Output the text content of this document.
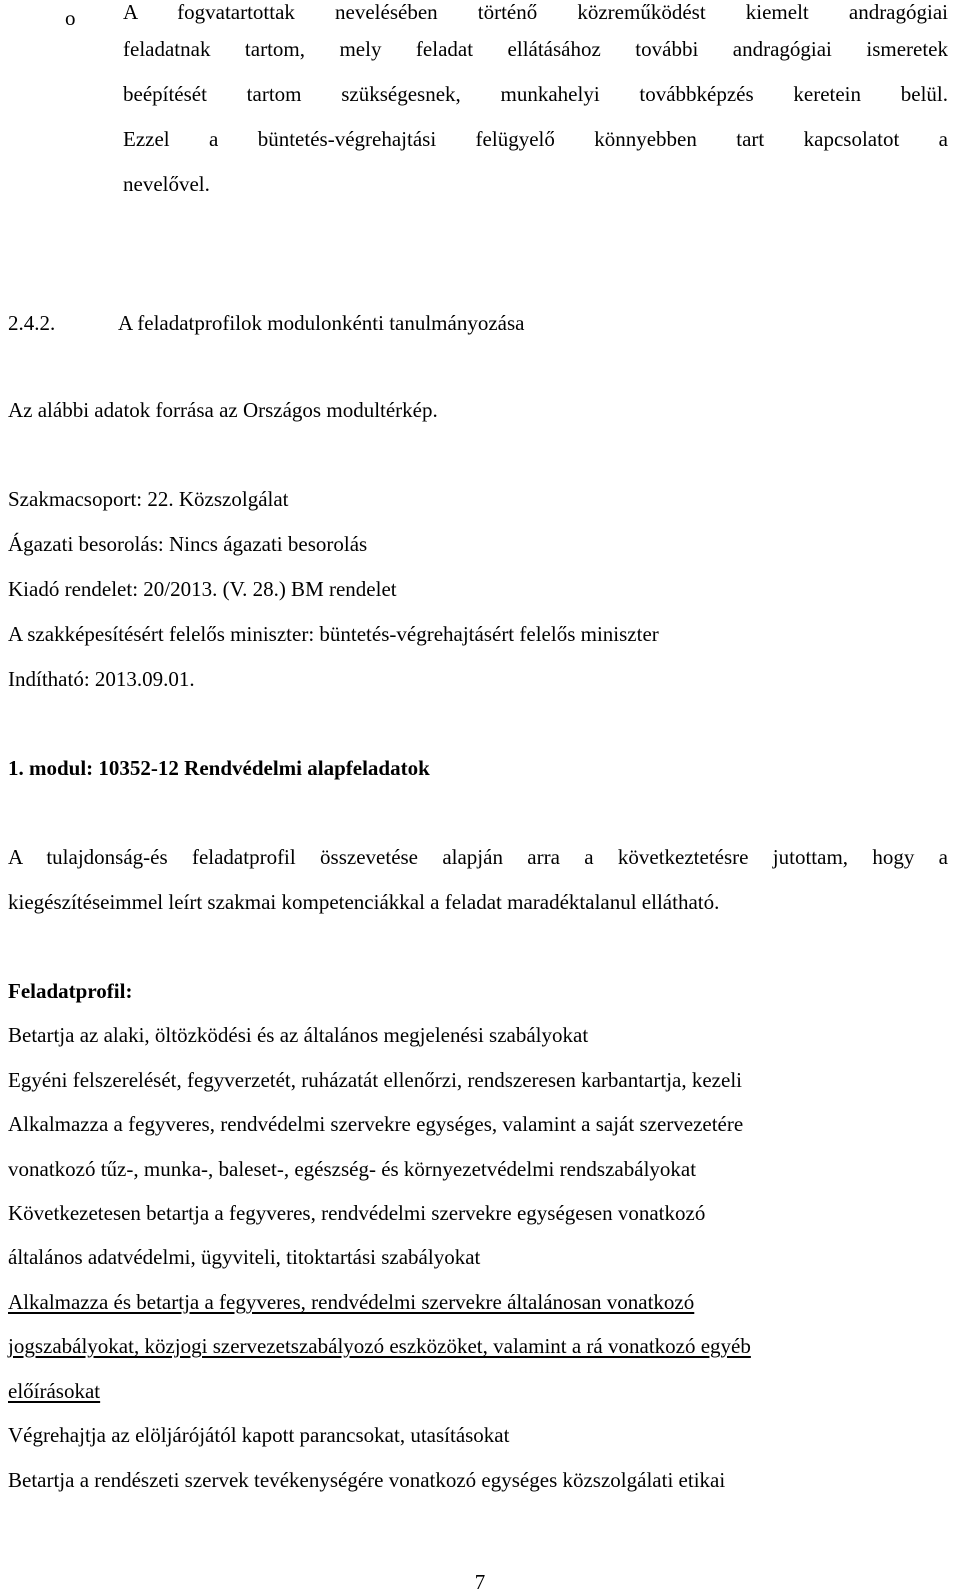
o A fogvatartottak nevelésében történő közreműködést kiemelt andragógiai
feladatnak tartom, mely feladat ellátásához további andragógiai ismeretek
beépítését tartom szükségesnek, munkahelyi továbbképzés keretein belül.
Ezzel a büntetés-végrehajtási felügyelő könnyebben tart kapcsolatot a
nevelővel.
2.4.2.	A feladatprofilok modulonkénti tanulmányozása

Az alábbi adatok forrása az Országos modultérkép.

Szakmacsoport: 22. Közszolgálat

Ágazati besorolás: Nincs ágazati besorolás

Kiadó rendelet: 20/2013. (V. 28.) BM rendelet

A szakképesítésért felelős miniszter: büntetés-végrehajtásért felelős miniszter

Indítható: 2013.09.01.

1. modul: 10352-12 Rendvédelmi alapfeladatok

A tulajdonság-és feladatprofil összevetése alapján arra a következtetésre jutottam, hogy a

kiegészítéseimmel leírt szakmai kompetenciákkal a feladat maradéktalanul ellátható.

Feladatprofil:

Betartja az alaki, öltözködési és az általános megjelenési szabályokat

Egyéni felszerelését, fegyverzetét, ruházatát ellenőrzi, rendszeresen karbantartja, kezeli

Alkalmazza a fegyveres, rendvédelmi szervekre egységes, valamint a saját szervezetére

vonatkozó tűz-, munka-, baleset-, egészség- és környezetvédelmi rendszabályokat

Következetesen betartja a fegyveres, rendvédelmi szervekre egységesen vonatkozó

általános adatvédelmi, ügyviteli, titoktartási szabályokat

Alkalmazza és betartja a fegyveres, rendvédelmi szervekre általánosan vonatkozó

jogszabályokat, közjogi szervezetszabályozó eszközöket, valamint a rá vonatkozó egyéb

előírásokat

Végrehajtja az elöljárójától kapott parancsokat, utasításokat

Betartja a rendészeti szervek tevékenységére vonatkozó egységes közszolgálati etikai

7
